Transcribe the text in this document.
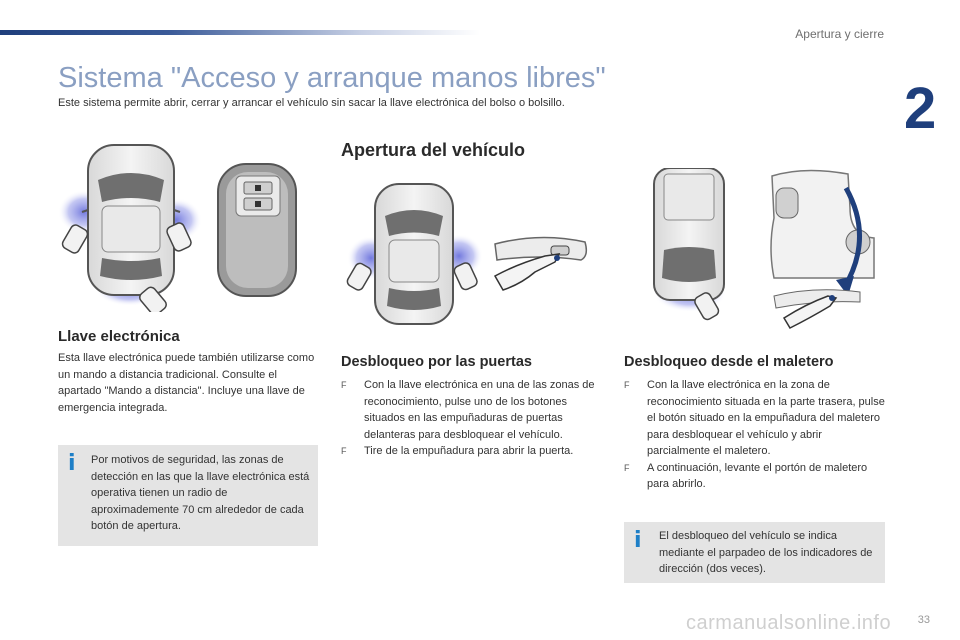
Apertura y cierre
2
Sistema "Acceso y arranque manos libres"
Este sistema permite abrir, cerrar y arrancar el vehículo sin sacar la llave electrónica del bolso o bolsillo.
Llave electrónica
Esta llave electrónica puede también utilizarse como un mando a distancia tradicional. Consulte el apartado "Mando a distancia". Incluye una llave de emergencia integrada.
i Por motivos de seguridad, las zonas de detección en las que la llave electrónica está operativa tienen un radio de aproximademente 70 cm alrededor de cada botón de apertura.
Apertura del vehículo
Desbloqueo por las puertas
F Con la llave electrónica en una de las zonas de reconocimiento, pulse uno de los botones situados en las empuñaduras de puertas delanteras para desbloquear el vehículo.
F Tire de la empuñadura para abrir la puerta.
Desbloqueo desde el maletero
F Con la llave electrónica en la zona de reconocimiento situada en la parte trasera, pulse el botón situado en la empuñadura del maletero para desbloquear el vehículo y abrir parcialmente el maletero.
F A continuación, levante el portón de maletero para abrirlo.
i El desbloqueo del vehículo se indica mediante el parpadeo de los indicadores de dirección (dos veces).
carmanualsonline.info 33
